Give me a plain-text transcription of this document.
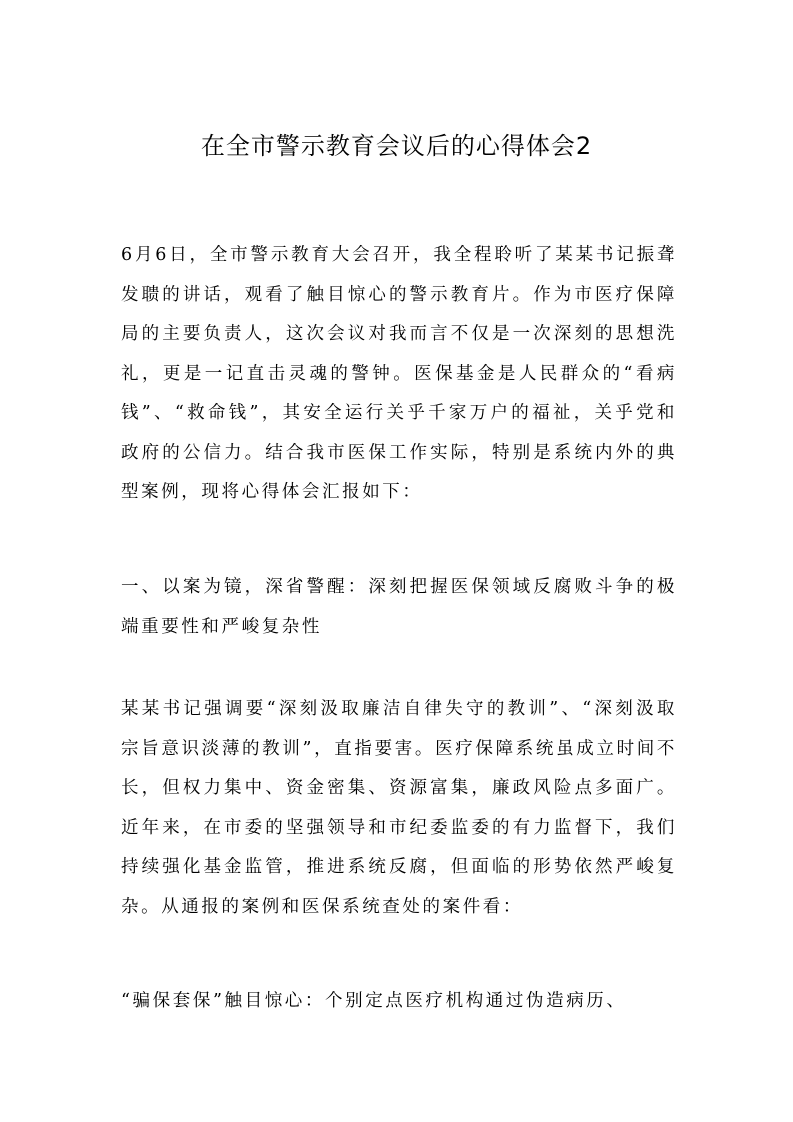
在全市警示教育会议后的心得体会2

6月6日，全市警示教育大会召开，我全程聆听了某某书记振聋发聩的讲话，观看了触目惊心的警示教育片。作为市医疗保障局的主要负责人，这次会议对我而言不仅是一次深刻的思想洗礼，更是一记直击灵魂的警钟。医保基金是人民群众的“看病钱”、“救命钱”，其安全运行关乎千家万户的福祉，关乎党和政府的公信力。结合我市医保工作实际，特别是系统内外的典型案例，现将心得体会汇报如下：

一、以案为镜，深省警醒：深刻把握医保领域反腐败斗争的极端重要性和严峻复杂性

某某书记强调要“深刻汲取廉洁自律失守的教训”、“深刻汲取宗旨意识淡薄的教训”，直指要害。医疗保障系统虽成立时间不长，但权力集中、资金密集、资源富集，廉政风险点多面广。近年来，在市委的坚强领导和市纪委监委的有力监督下，我们持续强化基金监管，推进系统反腐，但面临的形势依然严峻复杂。从通报的案例和医保系统查处的案件看：

“骗保套保”触目惊心：个别定点医疗机构通过伪造病历、
